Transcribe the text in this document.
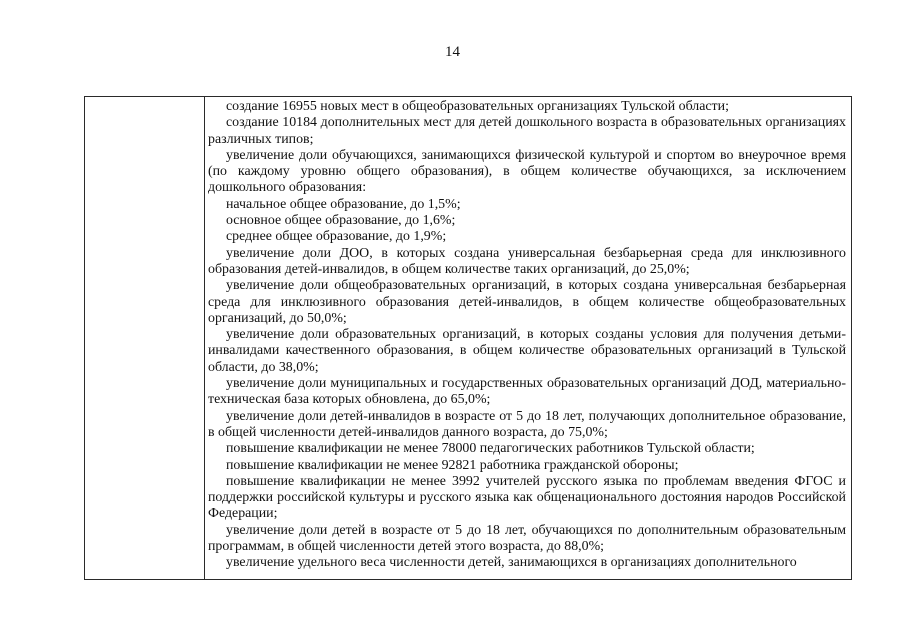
14

создание 16955 новых мест в общеобразовательных организациях Тульской области;

создание 10184 дополнительных мест для детей дошкольного возраста в образовательных организациях различных типов;

увеличение доли обучающихся, занимающихся физической культурой и спортом во внеурочное время (по каждому уровню общего образования), в общем количестве обучающихся, за исключением дошкольного образования:

начальное общее образование, до 1,5%;

основное общее образование, до 1,6%;

среднее общее образование, до 1,9%;

увеличение доли ДОО, в которых создана универсальная безбарьерная среда для инклюзивного образования детей-инвалидов, в общем количестве таких организаций, до 25,0%;

увеличение доли общеобразовательных организаций, в которых создана универсальная безбарьерная среда для инклюзивного образования детей-инвалидов, в общем количестве общеобразовательных организаций, до 50,0%;

увеличение доли образовательных организаций, в которых созданы условия для получения детьми-инвалидами качественного образования, в общем количестве образовательных организаций в Тульской области, до 38,0%;

увеличение доли муниципальных и государственных образовательных организаций ДОД, материально-техническая база которых обновлена, до 65,0%;

увеличение доли детей-инвалидов в возрасте от 5 до 18 лет, получающих дополнительное образование, в общей численности детей-инвалидов данного возраста, до 75,0%;

повышение квалификации не менее 78000 педагогических работников Тульской области;

повышение квалификации не менее 92821 работника гражданской обороны;

повышение квалификации не менее 3992 учителей русского языка по проблемам введения ФГОС и поддержки российской культуры и русского языка как общенационального достояния народов Российской Федерации;

увеличение доли детей в возрасте от 5 до 18 лет, обучающихся по дополнительным образовательным программам, в общей численности детей этого возраста, до 88,0%;

увеличение удельного веса численности детей, занимающихся в организациях дополнительного
